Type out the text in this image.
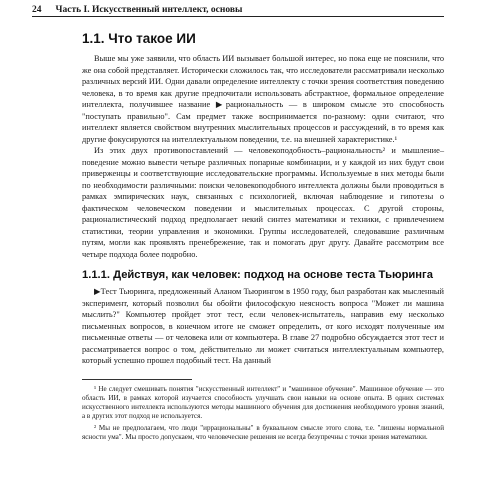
24 Часть I. Искусственный интеллект, основы
1.1. Что такое ИИ

Выше мы уже заявили, что область ИИ вызывает большой интерес, но пока еще не пояснили, что же она собой представляет. Исторически сложилось так, что исследователи рассматривали несколько различных версий ИИ. Одни давали определение интеллекту с точки зрения соответствия поведению человека, в то время как другие предпочитали использовать абстрактное, формальное определение интеллекта, получившее название ▶рациональность — в широком смысле это способность "поступать правильно". Сам предмет также воспринимается по-разному: одни считают, что интеллект является свойством внутренних мыслительных процессов и рассуждений, в то время как другие фокусируются на интеллектуальном поведении, т.е. на внешней характеристике.¹

Из этих двух противопоставлений — человекоподобность–рациональность² и мышление–поведение можно вывести четыре различных попарные комбинации, и у каждой из них будут свои приверженцы и соответствующие исследовательские программы. Используемые в них методы были по необходимости различными: поиски человекоподобного интеллекта должны были проводиться в рамках эмпирических наук, связанных с психологией, включая наблюдение и гипотезы о фактическом человеческом поведении и мыслительных процессах. С другой стороны, рационалистический подход предполагает некий синтез математики и техники, с привлечением статистики, теории управления и экономики. Группы исследователей, следовавшие различным путям, могли как проявлять пренебрежение, так и помогать друг другу. Давайте рассмотрим все четыре подхода более подробно.

1.1.1. Действуя, как человек: подход на основе теста Тьюринга

▶Тест Тьюринга, предложенный Аланом Тьюрингом в 1950 году, был разработан как мысленный эксперимент, который позволил бы обойти философскую неясность вопроса "Может ли машина мыслить?" Компьютер пройдет этот тест, если человек-испытатель, направив ему несколько письменных вопросов, в конечном итоге не сможет определить, от кого исходят полученные им письменные ответы — от человека или от компьютера. В главе 27 подробно обсуждается этот тест и рассматривается вопрос о том, действительно ли может считаться интеллектуальным компьютер, который успешно прошел подобный тест. На данный

¹ Не следует смешивать понятия "искусственный интеллект" и "машинное обучение". Машинное обучение — это область ИИ, в рамках которой изучается способность улучшать свои навыки на основе опыта. В одних системах искусственного интеллекта используются методы машинного обучения для достижения необходимого уровня знаний, а в других этот подход не используется.
² Мы не предполагаем, что люди "иррациональны" в буквальном смысле этого слова, т.е. "лишены нормальной ясности ума". Мы просто допускаем, что человеческие решения не всегда безупречны с точки зрения математики.
